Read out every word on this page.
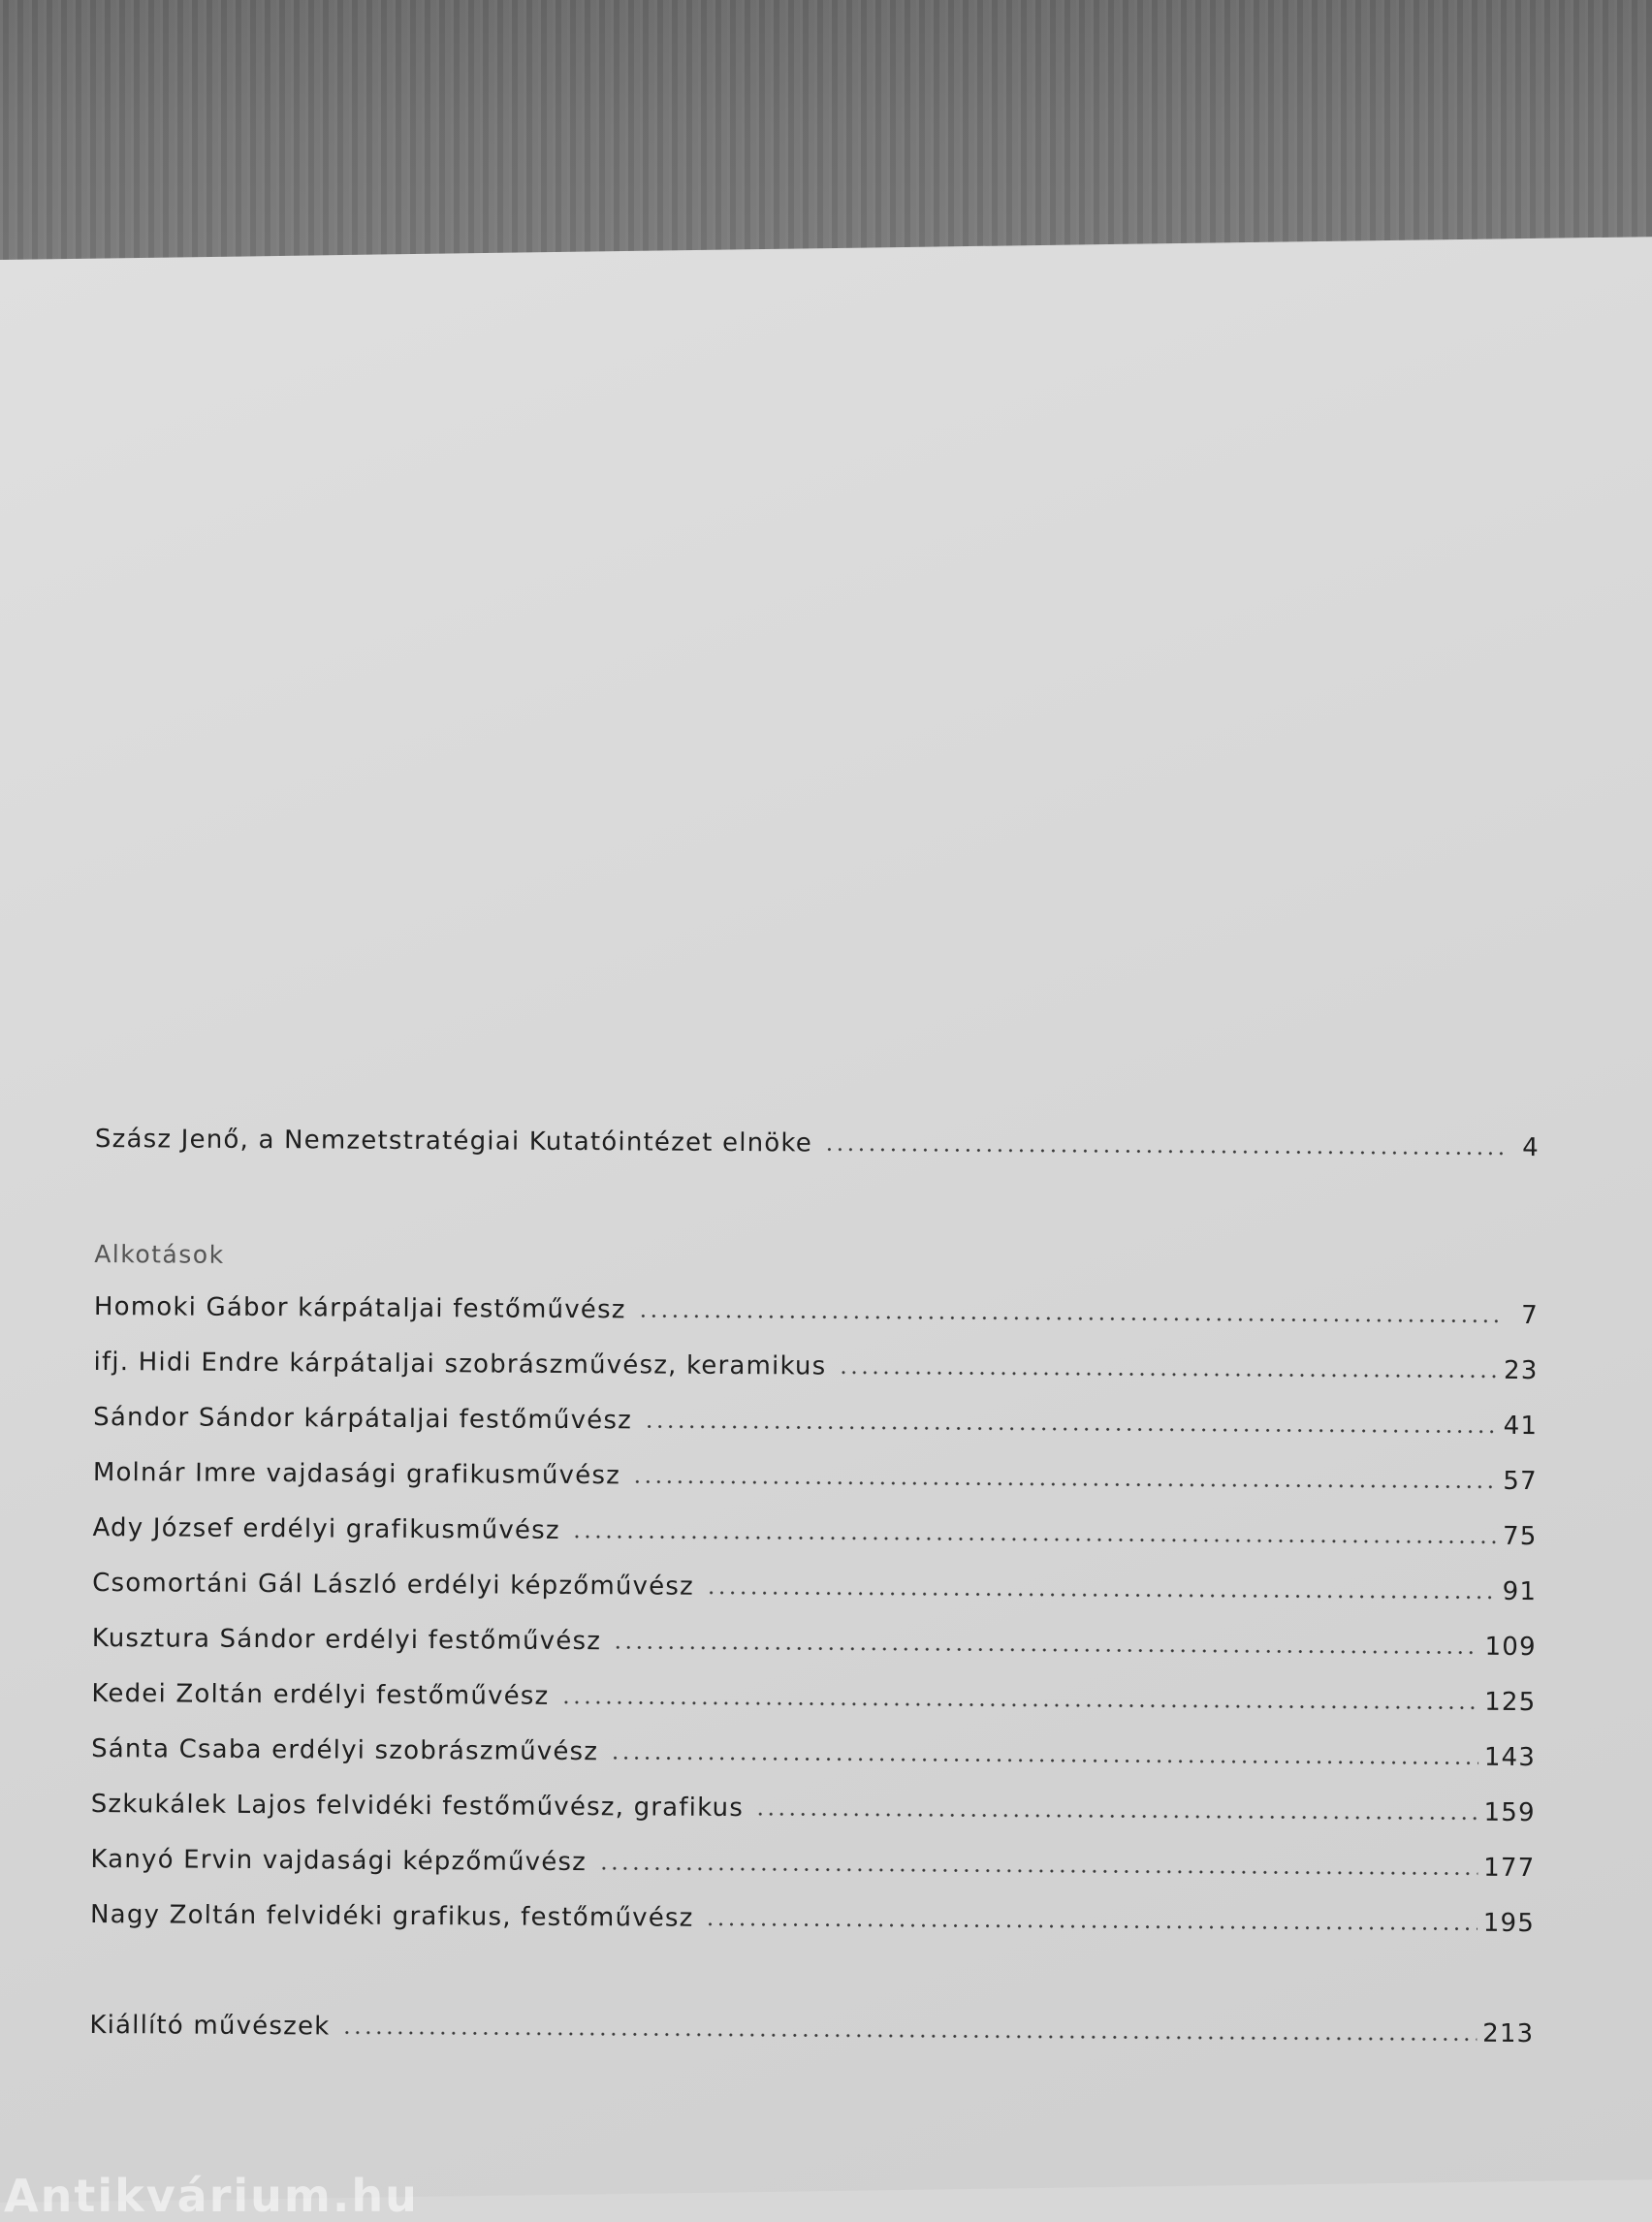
Szász Jenő, a Nemzetstratégiai Kutatóintézet elnöke	4
Alkotások
Homoki Gábor kárpátaljai festőművész	7
ifj. Hidi Endre kárpátaljai szobrászművész, keramikus	23
Sándor Sándor kárpátaljai festőművész	41
Molnár Imre vajdasági grafikusművész	57
Ady József erdélyi grafikusművész	75
Csomortáni Gál László erdélyi képzőművész	91
Kusztura Sándor erdélyi festőművész	109
Kedei Zoltán erdélyi festőművész	125
Sánta Csaba erdélyi szobrászművész	143
Szkukálek Lajos felvidéki festőművész, grafikus	159
Kanyó Ervin vajdasági képzőművész	177
Nagy Zoltán felvidéki grafikus, festőművész	195
Kiállító művészek	213
Antikvárium.hu
